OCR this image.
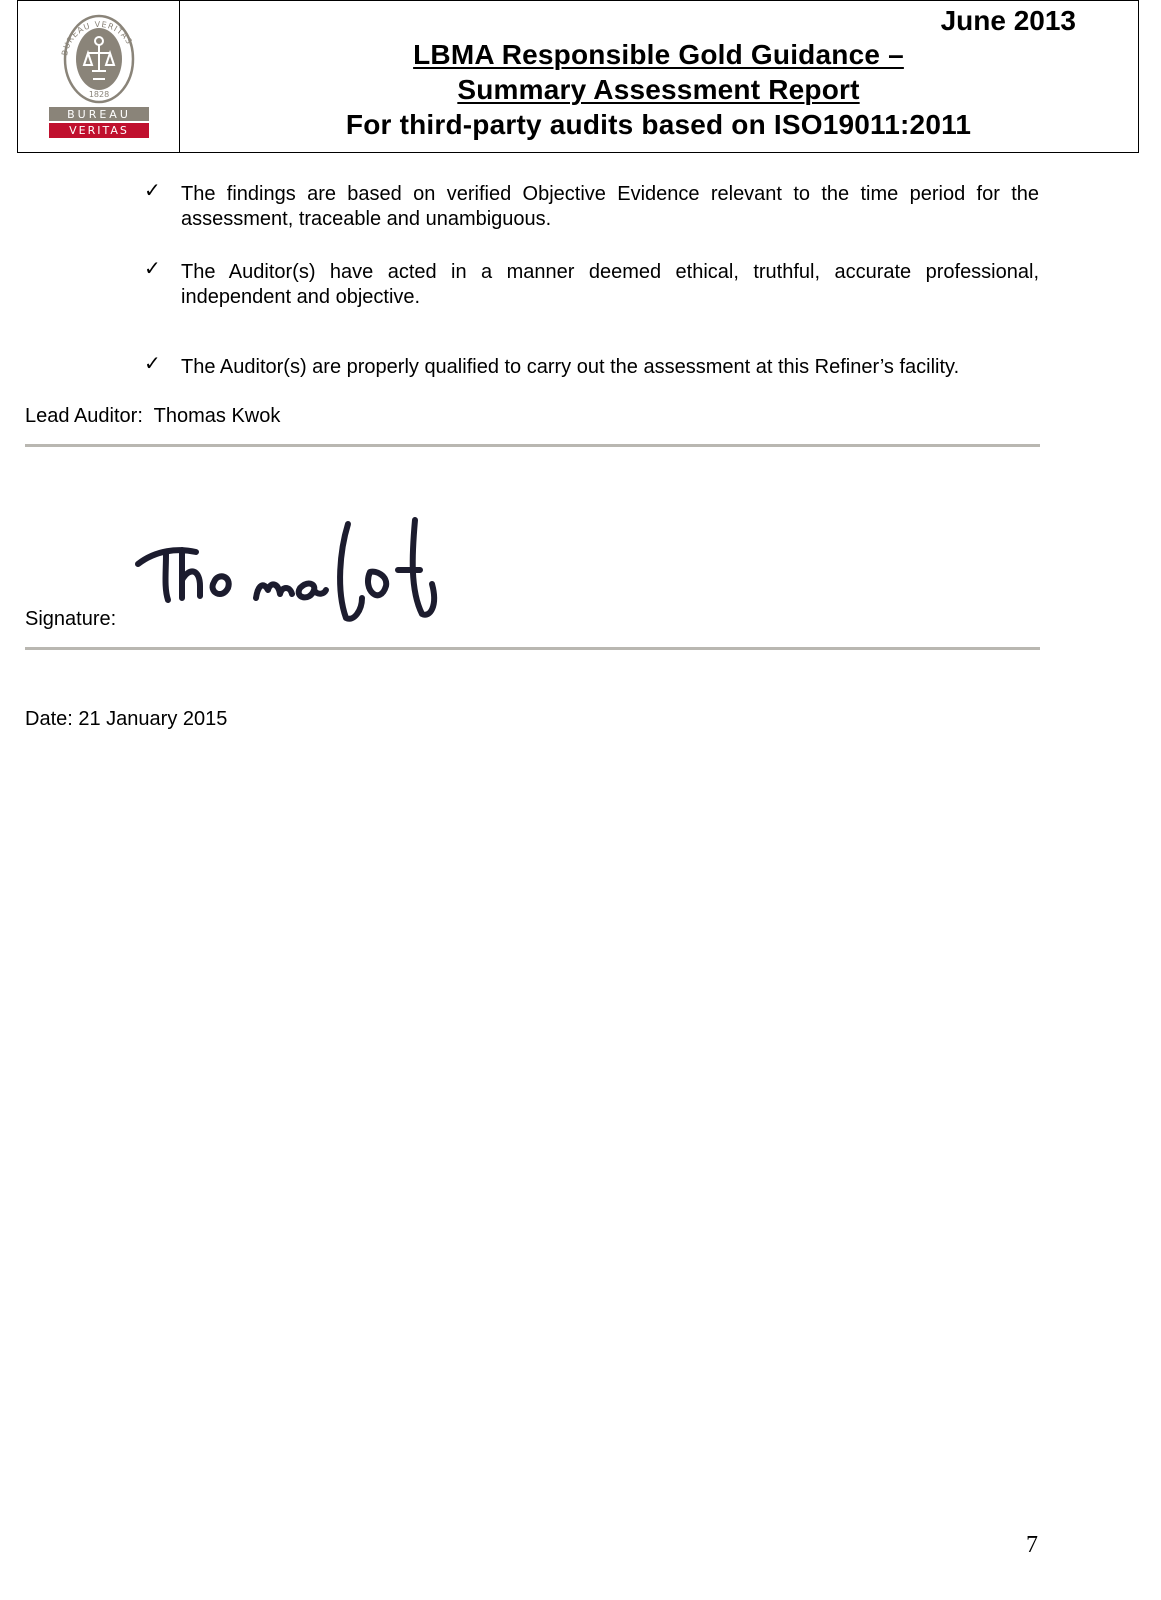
BUREAU VERITAS
1828
BUREAU
VERITAS
June 2013
LBMA Responsible Gold Guidance –
Summary Assessment Report
For third-party audits based on ISO19011:2011
✓ The findings are based on verified Objective Evidence relevant to the time period for the assessment, traceable and unambiguous.
✓ The Auditor(s) have acted in a manner deemed ethical, truthful, accurate professional, independent and objective.
✓ The Auditor(s) are properly qualified to carry out the assessment at this Refiner’s facility.
Lead Auditor: Thomas Kwok
Signature:
Date: 21 January 2015
7
